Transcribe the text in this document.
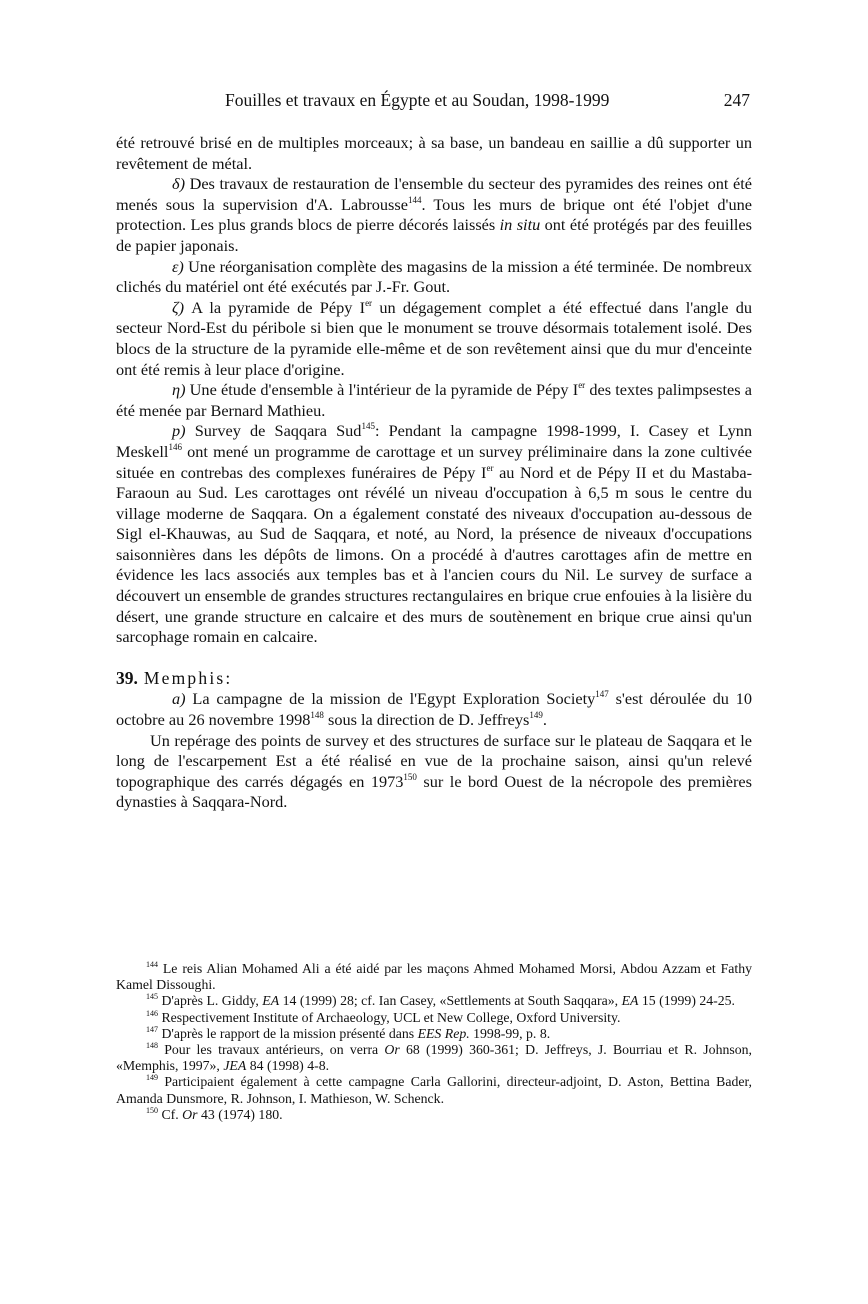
Fouilles et travaux en Égypte et au Soudan, 1998-1999	247

été retrouvé brisé en de multiples morceaux; à sa base, un bandeau en saillie a dû supporter un revêtement de métal.

δ) Des travaux de restauration de l'ensemble du secteur des pyramides des reines ont été menés sous la supervision d'A. Labrousse$^{144}$. Tous les murs de brique ont été l'objet d'une protection. Les plus grands blocs de pierre décorés laissés in situ ont été protégés par des feuilles de papier japonais.

ε) Une réorganisation complète des magasins de la mission a été terminée. De nombreux clichés du matériel ont été exécutés par J.-Fr. Gout.

ζ) A la pyramide de Pépy Ier un dégagement complet a été effectué dans l'angle du secteur Nord-Est du péribole si bien que le monument se trouve désormais totalement isolé. Des blocs de la structure de la pyramide elle-même et de son revêtement ainsi que du mur d'enceinte ont été remis à leur place d'origine.

η) Une étude d'ensemble à l'intérieur de la pyramide de Pépy Ier des textes palimpsestes a été menée par Bernard Mathieu.

p) Survey de Saqqara Sud$^{145}$: Pendant la campagne 1998-1999, I. Casey et Lynn Meskell$^{146}$ ont mené un programme de carottage et un survey préliminaire dans la zone cultivée située en contrebas des complexes funéraires de Pépy Ier au Nord et de Pépy II et du Mastaba-Faraoun au Sud. Les carottages ont révélé un niveau d'occupation à 6,5 m sous le centre du village moderne de Saqqara. On a également constaté des niveaux d'occupation au-dessous de Sigl el-Khauwas, au Sud de Saqqara, et noté, au Nord, la présence de niveaux d'occupations saisonnières dans les dépôts de limons. On a procédé à d'autres carottages afin de mettre en évidence les lacs associés aux temples bas et à l'ancien cours du Nil. Le survey de surface a découvert un ensemble de grandes structures rectangulaires en brique crue enfouies à la lisière du désert, une grande structure en calcaire et des murs de soutènement en brique crue ainsi qu'un sarcophage romain en calcaire.

39. Memphis:

a) La campagne de la mission de l'Egypt Exploration Society$^{147}$ s'est déroulée du 10 octobre au 26 novembre 1998$^{148}$ sous la direction de D. Jeffreys$^{149}$.

Un repérage des points de survey et des structures de surface sur le plateau de Saqqara et le long de l'escarpement Est a été réalisé en vue de la prochaine saison, ainsi qu'un relevé topographique des carrés dégagés en 1973$^{150}$ sur le bord Ouest de la nécropole des premières dynasties à Saqqara-Nord.

$^{144}$ Le reis Alian Mohamed Ali a été aidé par les maçons Ahmed Mohamed Morsi, Abdou Azzam et Fathy Kamel Dissoughi.

$^{145}$ D'après L. Giddy, EA 14 (1999) 28; cf. Ian Casey, «Settlements at South Saqqara», EA 15 (1999) 24-25.

$^{146}$ Respectivement Institute of Archaeology, UCL et New College, Oxford University.

$^{147}$ D'après le rapport de la mission présenté dans EES Rep. 1998-99, p. 8.

$^{148}$ Pour les travaux antérieurs, on verra Or 68 (1999) 360-361; D. Jeffreys, J. Bourriau et R. Johnson, «Memphis, 1997», JEA 84 (1998) 4-8.

$^{149}$ Participaient également à cette campagne Carla Gallorini, directeur-adjoint, D. Aston, Bettina Bader, Amanda Dunsmore, R. Johnson, I. Mathieson, W. Schenck.

$^{150}$ Cf. Or 43 (1974) 180.
